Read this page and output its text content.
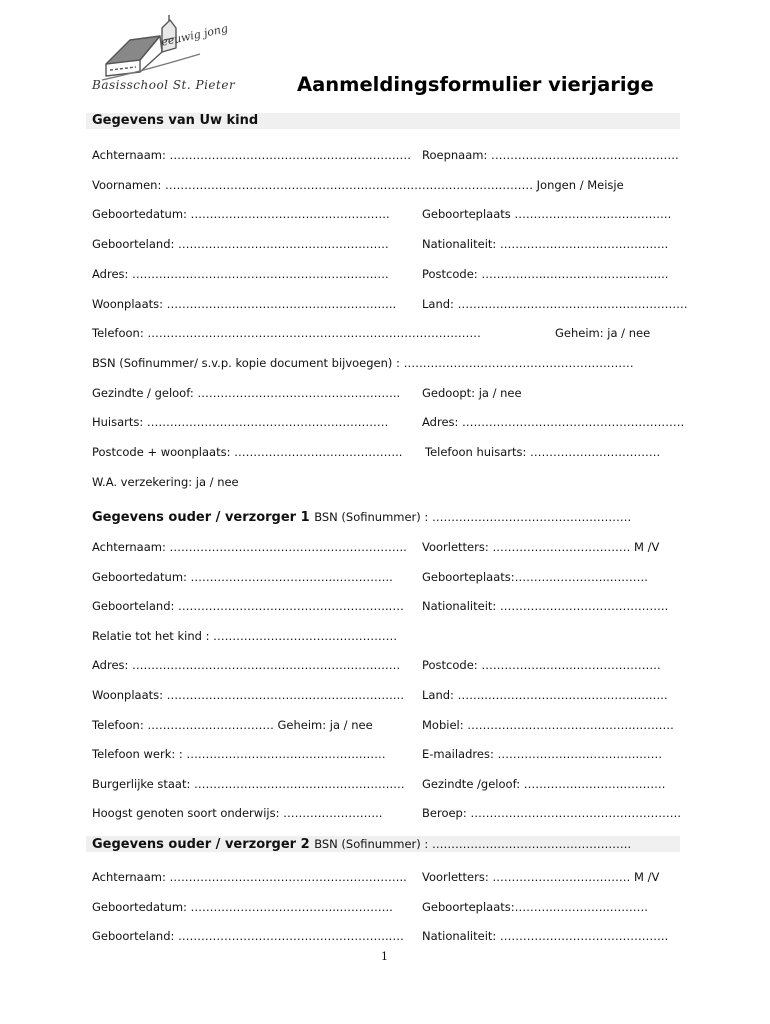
eeuwig jong
Basisschool St. Pieter	Aanmeldingsformulier vierjarige
Gegevens van Uw kind
Achternaam: ……………………………………………………… Roepnaam: ………………………………………….
Voornamen: …………………………………………………………………………………… Jongen / Meisje
Geboortedatum: …………………………………………….	Geboorteplaats …………………………………..
Geboorteland: ……………………………………………….	Nationaliteit: ……………………………………..
Adres: ………………………………………………………….	Postcode: ……………..…………………………..
Woonplaats: …………………………………………………... Land: ……………………………………………………
Telefoon: ……………………………………………………………………………	Geheim: ja / nee
BSN (Sofinummer/ s.v.p. kopie document bijvoegen) : ……………………………………………………
Gezindte / geloof: …………………………………………….. Gedoopt: ja / nee
Huisarts: ………………………………………………………	Adres: ………………………………………………….
Postcode + woonplaats: …………………………………….. Telefoon huisarts: …………………………….
W.A. verzekering: ja / nee
Gegevens ouder / verzorger 1 BSN (Sofinummer) : …………………………………………….
Achternaam: …………………………………………………….. Voorletters: ……………………………… M /V
Geboortedatum: ………………………………...…………..	Geboorteplaats:………..…………..……….
Geboorteland: ………………………………………………..… Nationaliteit: ……………………………………..
Relatie tot het kind : …………………………………………
Adres: ………………………………………………………….… Postcode: ……………..……..………………….
Woonplaats: …………………………………………………….. Land: ……..…………………………………….….
Telefoon: …………………………… Geheim: ja / nee	Mobiel: ……………………………………..……….
Telefoon werk: : ……………………………………….……	E-mailadres: ……………………………….……
Burgerlijke staat: …………………………………………….… Gezindte /geloof: ……………………………….
Hoogst genoten soort onderwijs: ……………………..	Beroep: ……………………………………………….
Gegevens ouder / verzorger 2 BSN (Sofinummer) : …………………………………………….
Achternaam: …………………………………………………….. Voorletters: ……………………………… M /V
Geboortedatum: ………………………………...…………..	Geboorteplaats:………..…………..……….
Geboorteland: ………………………………………………..… Nationaliteit: ……………………………………..
1
